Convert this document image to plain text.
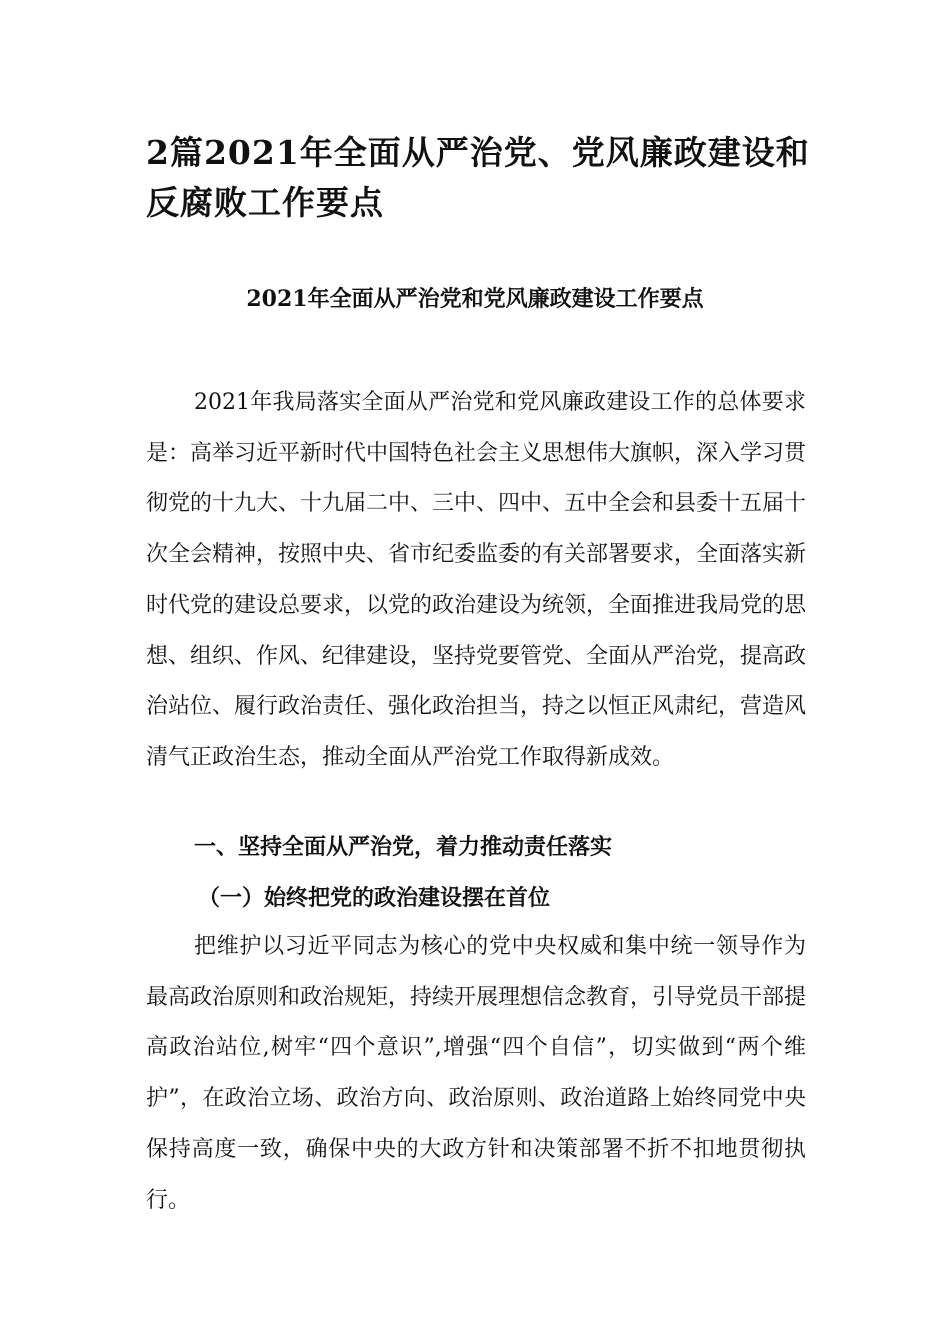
2篇2021年全面从严治党、党风廉政建设和反腐败工作要点
2021年全面从严治党和党风廉政建设工作要点

2021年我局落实全面从严治党和党风廉政建设工作的总体要求是：高举习近平新时代中国特色社会主义思想伟大旗帜，深入学习贯彻党的十九大、十九届二中、三中、四中、五中全会和县委十五届十次全会精神，按照中央、省市纪委监委的有关部署要求，全面落实新时代党的建设总要求，以党的政治建设为统领，全面推进我局党的思想、组织、作风、纪律建设，坚持党要管党、全面从严治党，提高政治站位、履行政治责任、强化政治担当，持之以恒正风肃纪，营造风清气正政治生态，推动全面从严治党工作取得新成效。

一、坚持全面从严治党，着力推动责任落实
（一）始终把党的政治建设摆在首位

把维护以习近平同志为核心的党中央权威和集中统一领导作为最高政治原则和政治规矩，持续开展理想信念教育，引导党员干部提高政治站位,树牢“四个意识”,增强“四个自信”，切实做到“两个维护”，在政治立场、政治方向、政治原则、政治道路上始终同党中央保持高度一致，确保中央的大政方针和决策部署不折不扣地贯彻执行。
